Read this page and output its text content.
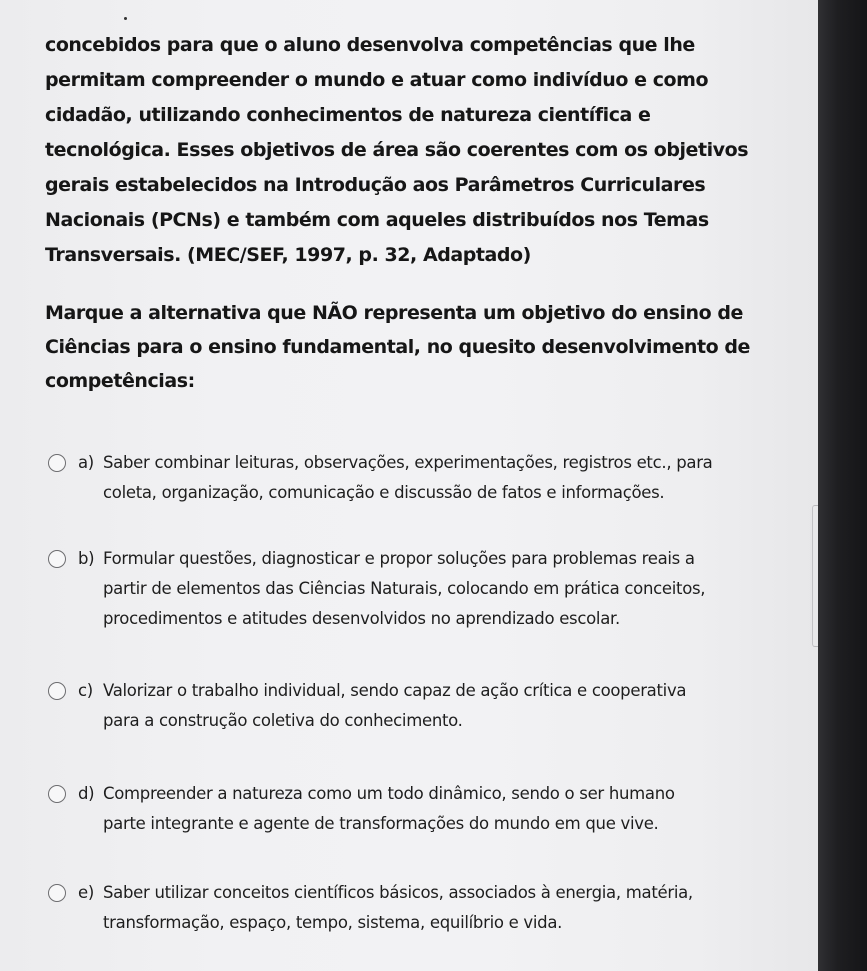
concebidos para que o aluno desenvolva competências que lhe
permitam compreender o mundo e atuar como indivíduo e como
cidadão, utilizando conhecimentos de natureza científica e
tecnológica. Esses objetivos de área são coerentes com os objetivos
gerais estabelecidos na Introdução aos Parâmetros Curriculares
Nacionais (PCNs) e também com aqueles distribuídos nos Temas
Transversais. (MEC/SEF, 1997, p. 32, Adaptado)
Marque a alternativa que NÃO representa um objetivo do ensino de
Ciências para o ensino fundamental, no quesito desenvolvimento de
competências:
a) Saber combinar leituras, observações, experimentações, registros etc., para
coleta, organização, comunicação e discussão de fatos e informações.
b) Formular questões, diagnosticar e propor soluções para problemas reais a
partir de elementos das Ciências Naturais, colocando em prática conceitos,
procedimentos e atitudes desenvolvidos no aprendizado escolar.
c) Valorizar o trabalho individual, sendo capaz de ação crítica e cooperativa
para a construção coletiva do conhecimento.
d) Compreender a natureza como um todo dinâmico, sendo o ser humano
parte integrante e agente de transformações do mundo em que vive.
e) Saber utilizar conceitos científicos básicos, associados à energia, matéria,
transformação, espaço, tempo, sistema, equilíbrio e vida.
